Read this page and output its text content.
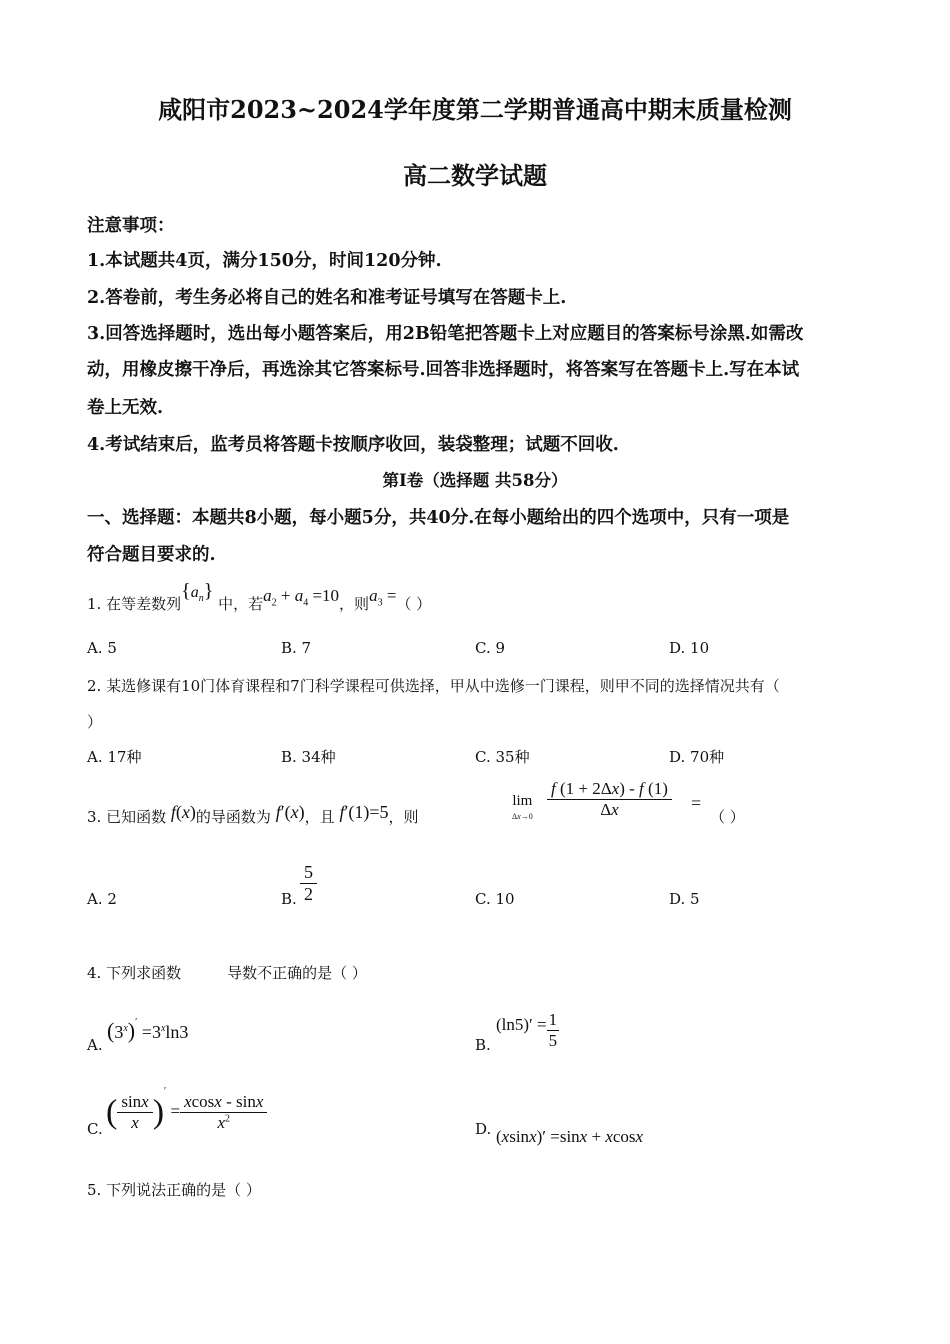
咸阳市2023~2024学年度第二学期普通高中期末质量检测
高二数学试题
注意事项：
1.本试题共4页，满分150分，时间120分钟.
2.答卷前，考生务必将自己的姓名和准考证号填写在答题卡上.
3.回答选择题时，选出每小题答案后，用2B铅笔把答题卡上对应题目的答案标号涂黑.如需改
动，用橡皮擦干净后，再选涂其它答案标号.回答非选择题时，将答案写在答题卡上.写在本试
卷上无效.
4.考试结束后，监考员将答题卡按顺序收回，装袋整理；试题不回收.
第I卷（选择题 共58分）
一、选择题：本题共8小题，每小题5分，共40分.在每小题给出的四个选项中，只有一项是
符合题目要求的.
1. 在等差数列$\{a_n\}$ 中，若$a_2 + a_4 =10$，则$a_3$ =（ ）
A. 5	B. 7	C. 9	D. 10
2. 某选修课有10门体育课程和7门科学课程可供选择，甲从中选修一门课程，则甲不同的选择情况共有（
）
A. 17种	B. 34种	C. 35种	D. 70种
3. 已知函数 f(x)的导函数为 f′(x)，且 f′(1)=5，则
lim
$\Delta x\to 0 \frac{f (1 + 2\Delta x) - f (1)}{\Delta x}$ =
（ ）
A. 2	B. $\frac{5}{2}$	C. 10	D. 5
4. 下列求函数	导数不正确的是（ ）
A.
$(3^x)' =3^x\ln 3$
B.
$(\ln 5)' = \frac{1}{5}$
C. ( $\frac{\sin x}{x} )' = \frac{xcosx - \sin x}{x^2}$	D. (xsinx)′ =sinx + xcosx
5. 下列说法正确的是（ ）
